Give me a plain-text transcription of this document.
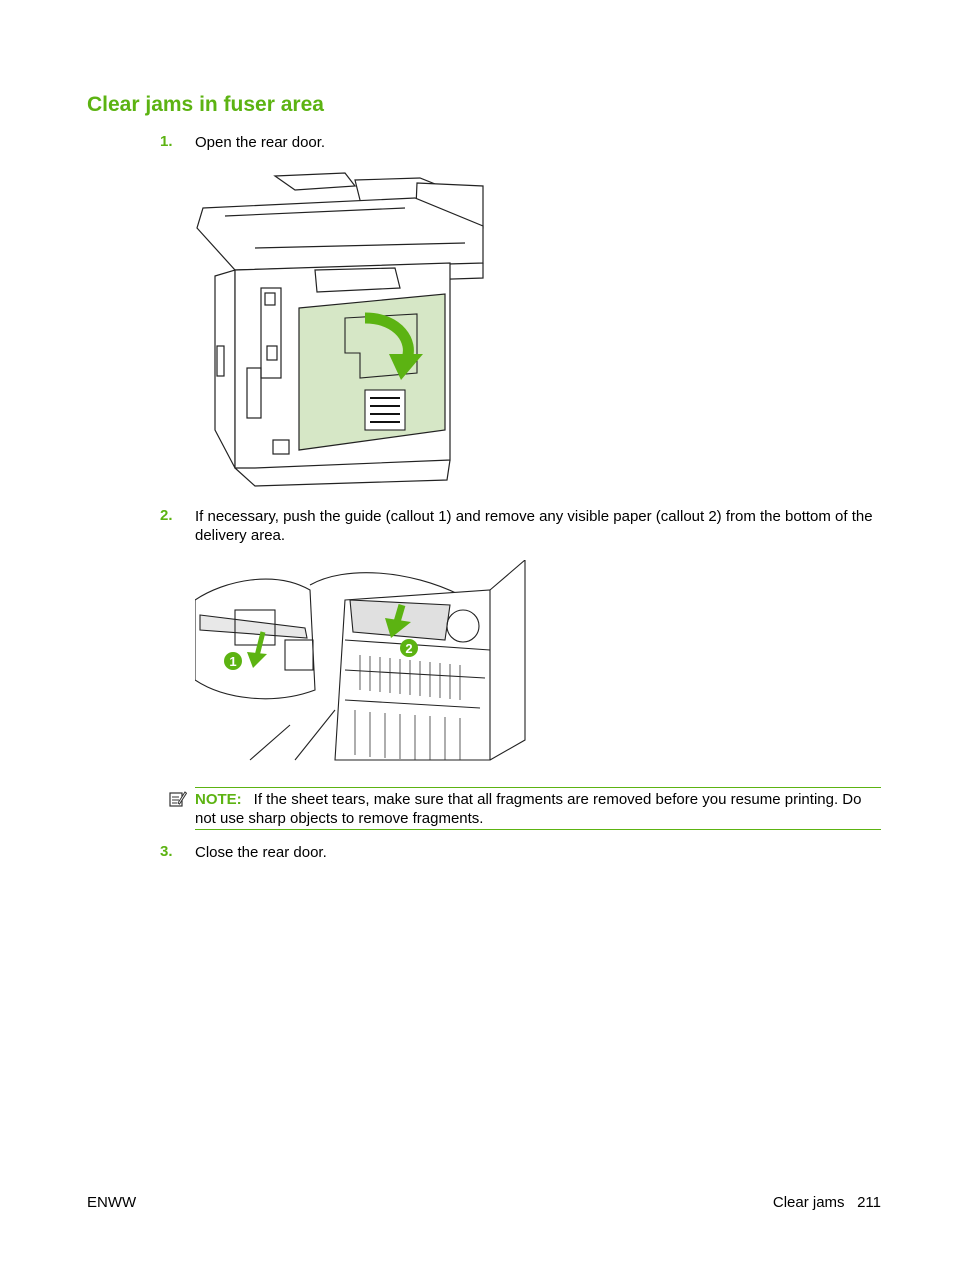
Clear jams in fuser area
1. Open the rear door.
2. If necessary, push the guide (callout 1) and remove any visible paper (callout 2) from the bottom of the delivery area.
1
2
NOTE: If the sheet tears, make sure that all fragments are removed before you resume printing. Do not use sharp objects to remove fragments.
3. Close the rear door.
ENWW	Clear jams 211
